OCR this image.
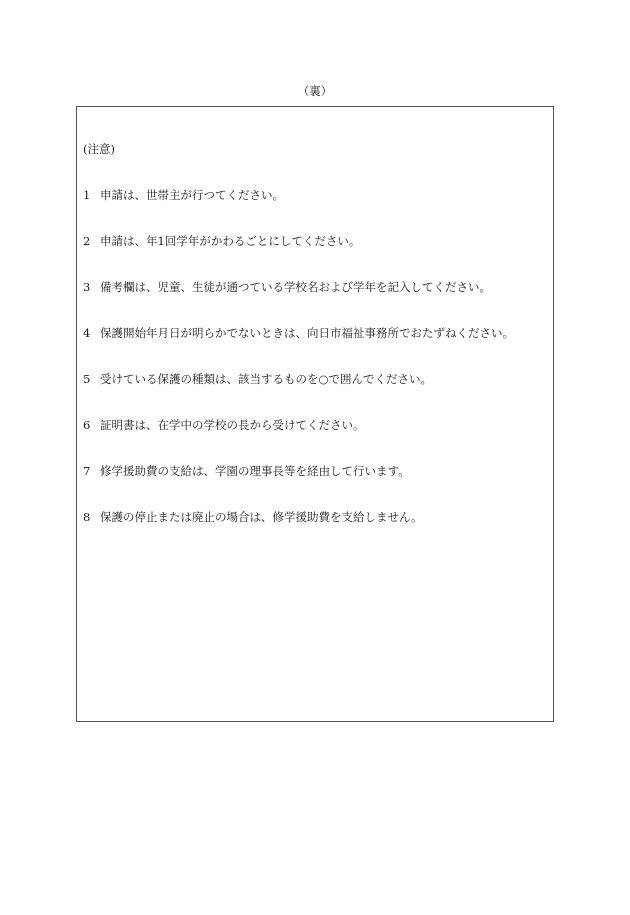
（裏）
(注意)
1 申請は、世帯主が行つてください。
2 申請は、年1回学年がかわるごとにしてください。
3 備考欄は、児童、生徒が通つている学校名および学年を記入してください。
4 保護開始年月日が明らかでないときは、向日市福祉事務所でおたずねください。
5 受けている保護の種類は、該当するものを○で囲んでください。
6 証明書は、在学中の学校の長から受けてください。
7 修学援助費の支給は、学園の理事長等を経由して行います。
8 保護の停止または廃止の場合は、修学援助費を支給しません。
